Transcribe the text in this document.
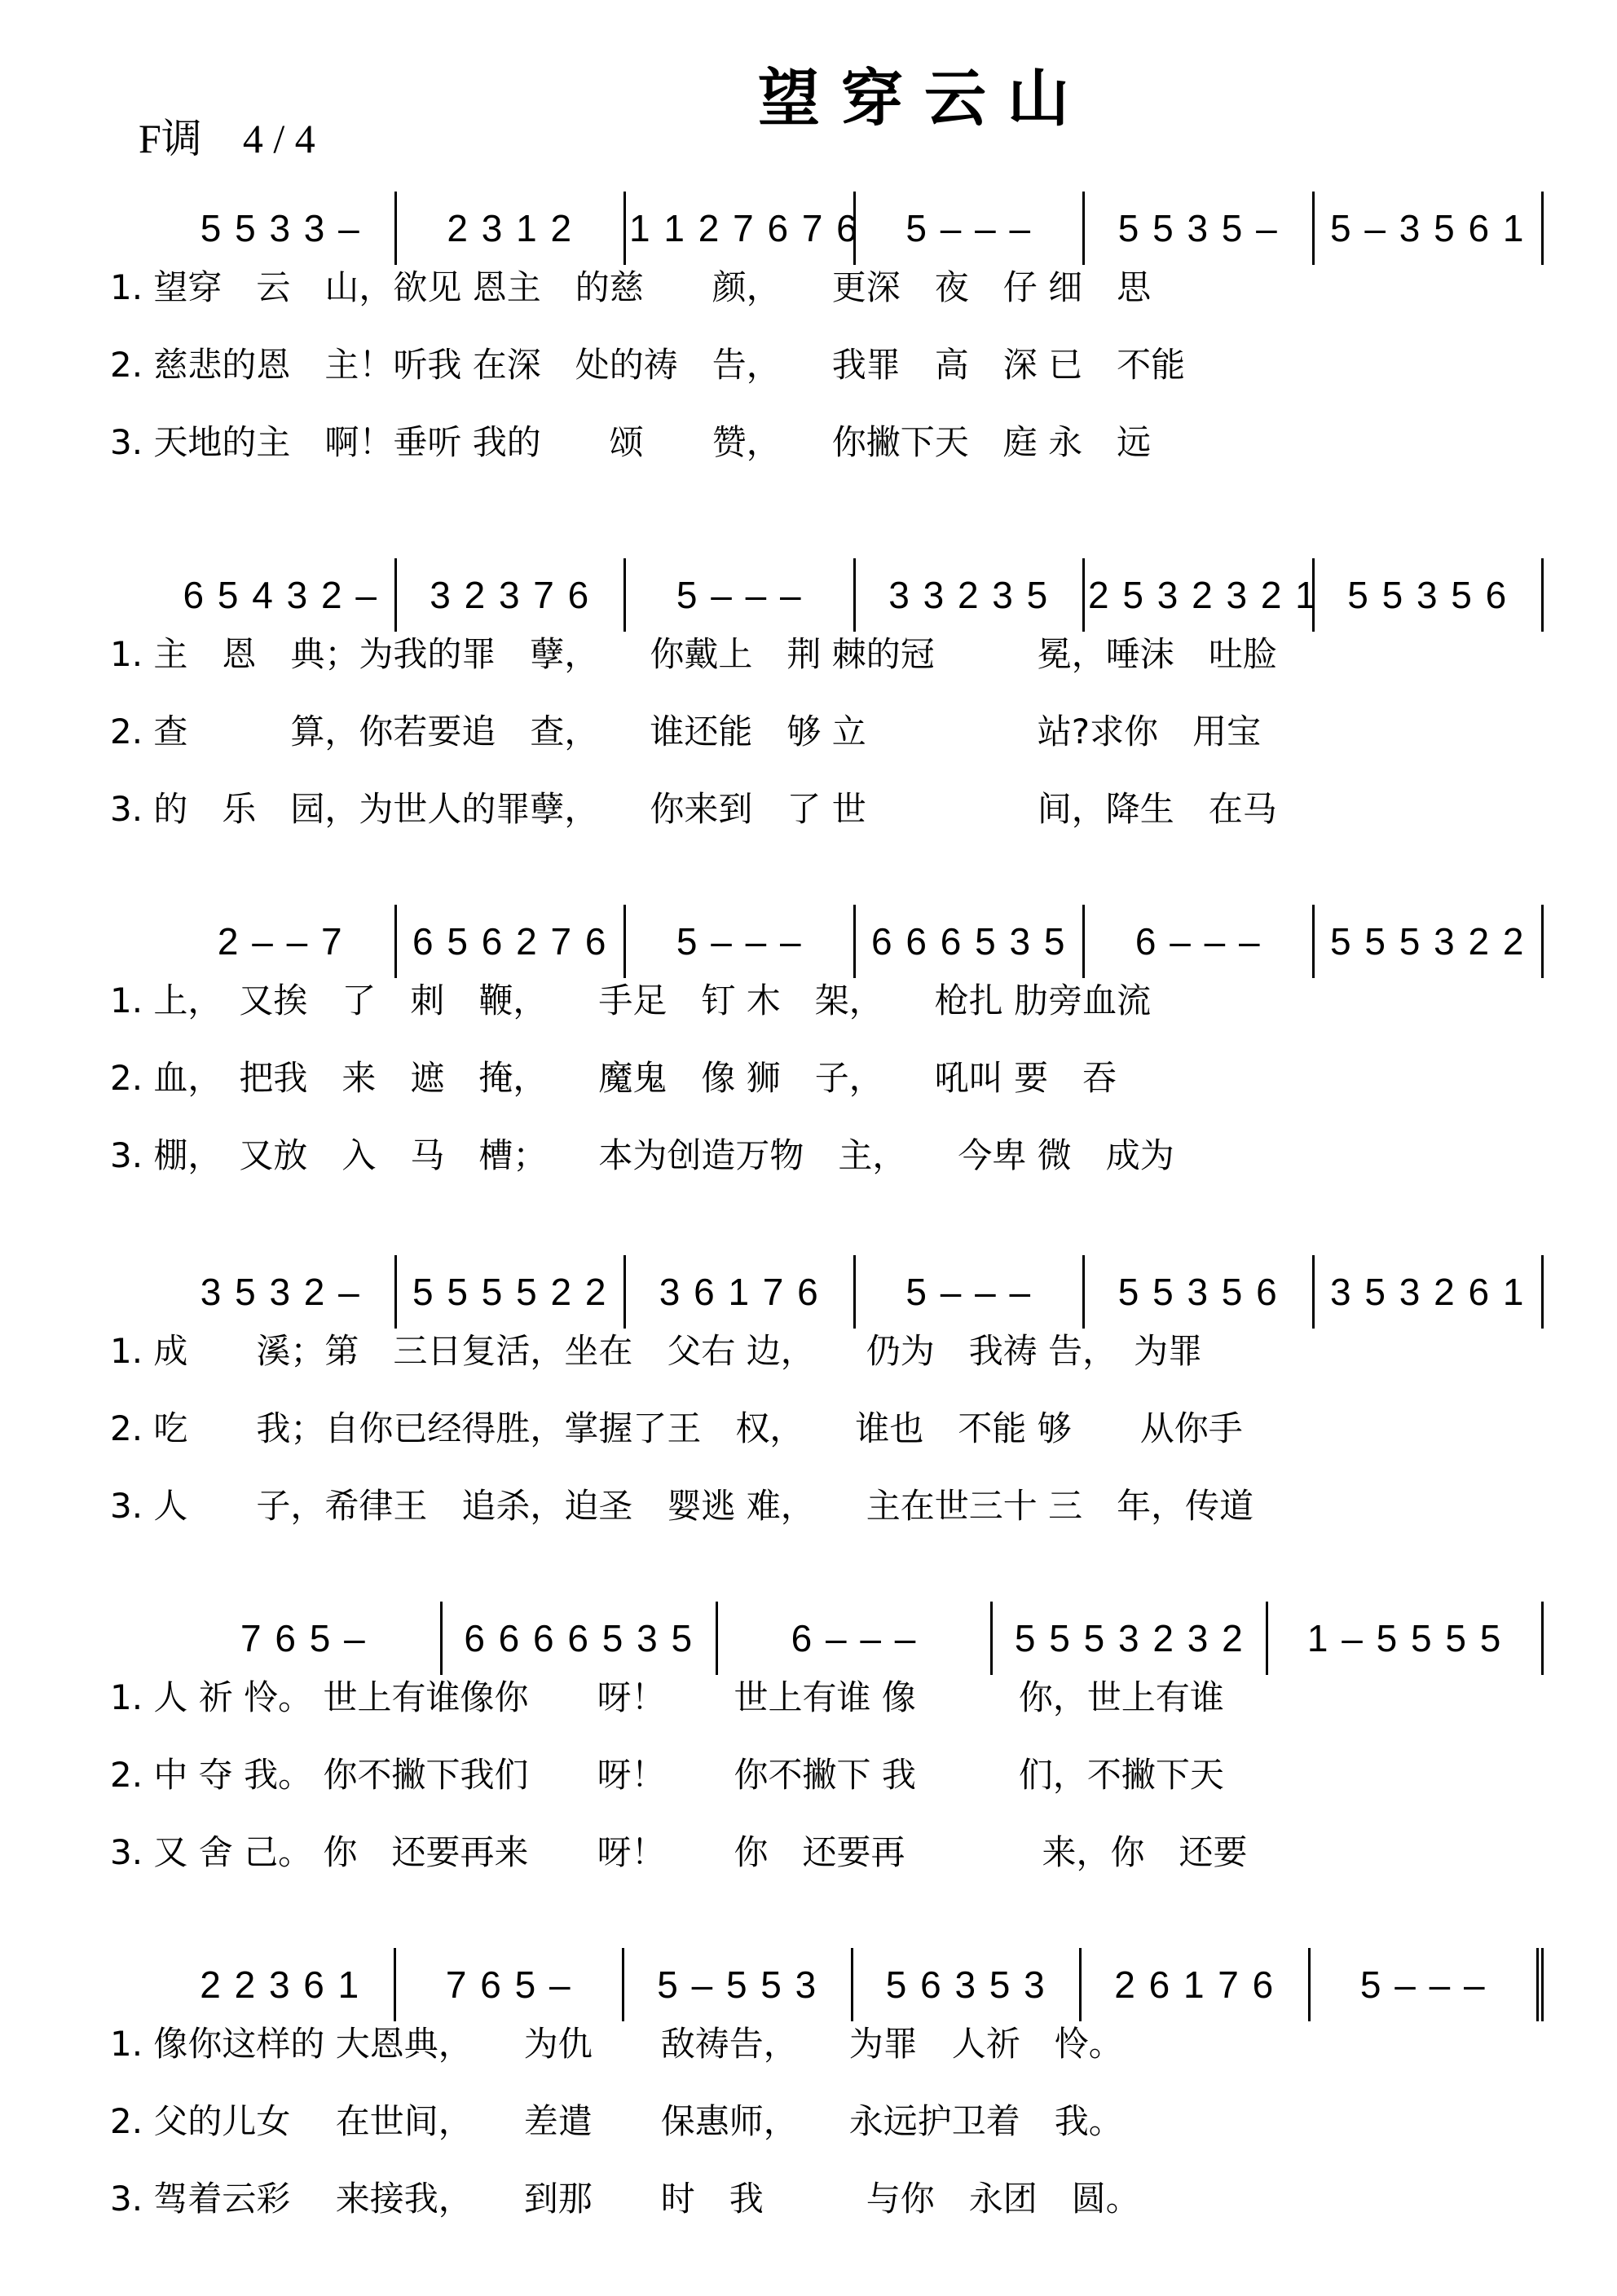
望穿云山
F调 4 / 4
5 5 3 3 –	2 3 1 2	1 1 2 7 6 7 6	5 – – –	5 5 3 5 –	5 – 3 5 6 1
1. 望穿　云　山，欲见 恩主　的慈　　颜，　　更深　夜　仔 细　思
2. 慈悲的恩　主！听我 在深　处的祷　告，　　我罪　高　深 已　不能
3. 天地的主　啊！垂听 我的　　颂　　赞，　　你撇下天　庭 永　远
6 5 4 3 2 –	3 2 3 7 6	5 – – –	3 3 2 3 5	2 5 3 2 3 2 1 5 5 3 5 6
1. 主　恩　典；为我的罪　孽，　　你戴上　荆 棘的冠　　　冕，唾沫　吐脸
2. 查　　　算，你若要追　查，　　谁还能　够 立　　　　　站?求你　用宝
3. 的　乐　园，为世人的罪孽，　　你来到　了 世　　　　　间，降生　在马
2 – – 7	6 5 6 2 7 6	5 – – –	6 6 6 5 3 5	6 – – –	5 5 5 3 2 2
1. 上，　又挨　了　刺　鞭，　　手足　钉 木　架，　　枪扎 肋旁血流
2. 血，　把我　来　遮　掩，　　魔鬼　像 狮　子，　　吼叫 要　吞
3. 棚，　又放　入　马　槽；　　本为创造万物　主，　　今卑 微　成为
3 5 3 2 –	5 5 5 5 2 2	3 6 1 7 6	5 – – –	5 5 3 5 6	3 5 3 2 6 1
1. 成　　溪；第　三日复活，坐在　父右 边，　　仍为　我祷 告，　为罪
2. 吃　　我；自你已经得胜，掌握了王　权，　　谁也　不能 够　　从你手
3. 人　　子，希律王　追杀，迫圣　婴逃 难，　　主在世三十 三　年，传道
7 6 5 –	6 6 6 6 5 3 5	6 – – –	5 5 5 3 2 3 2	1 – 5 5 5 5
1. 人 祈 怜。 世上有谁像你　　呀！　　世上有谁 像　　　你，世上有谁
2. 中 夺 我。 你不撇下我们　　呀！　　你不撇下 我　　　们，不撇下天
3. 又 舍 己。 你　还要再来　　呀！　　你　还要再　　　　来，你　还要
2 2 3 6 1	7 6 5 –	5 – 5 5 3	5 6 3 5 3	2 6 1 7 6	5 – – –
1. 像你这样的 大恩典，　　为仇　　敌祷告，　　为罪　人祈　怜。
2. 父的儿女　 在世间，　　差遣　　保惠师，　　永远护卫着　我。
3. 驾着云彩　 来接我，　　到那　　时　我　　　与你　永团　圆。
